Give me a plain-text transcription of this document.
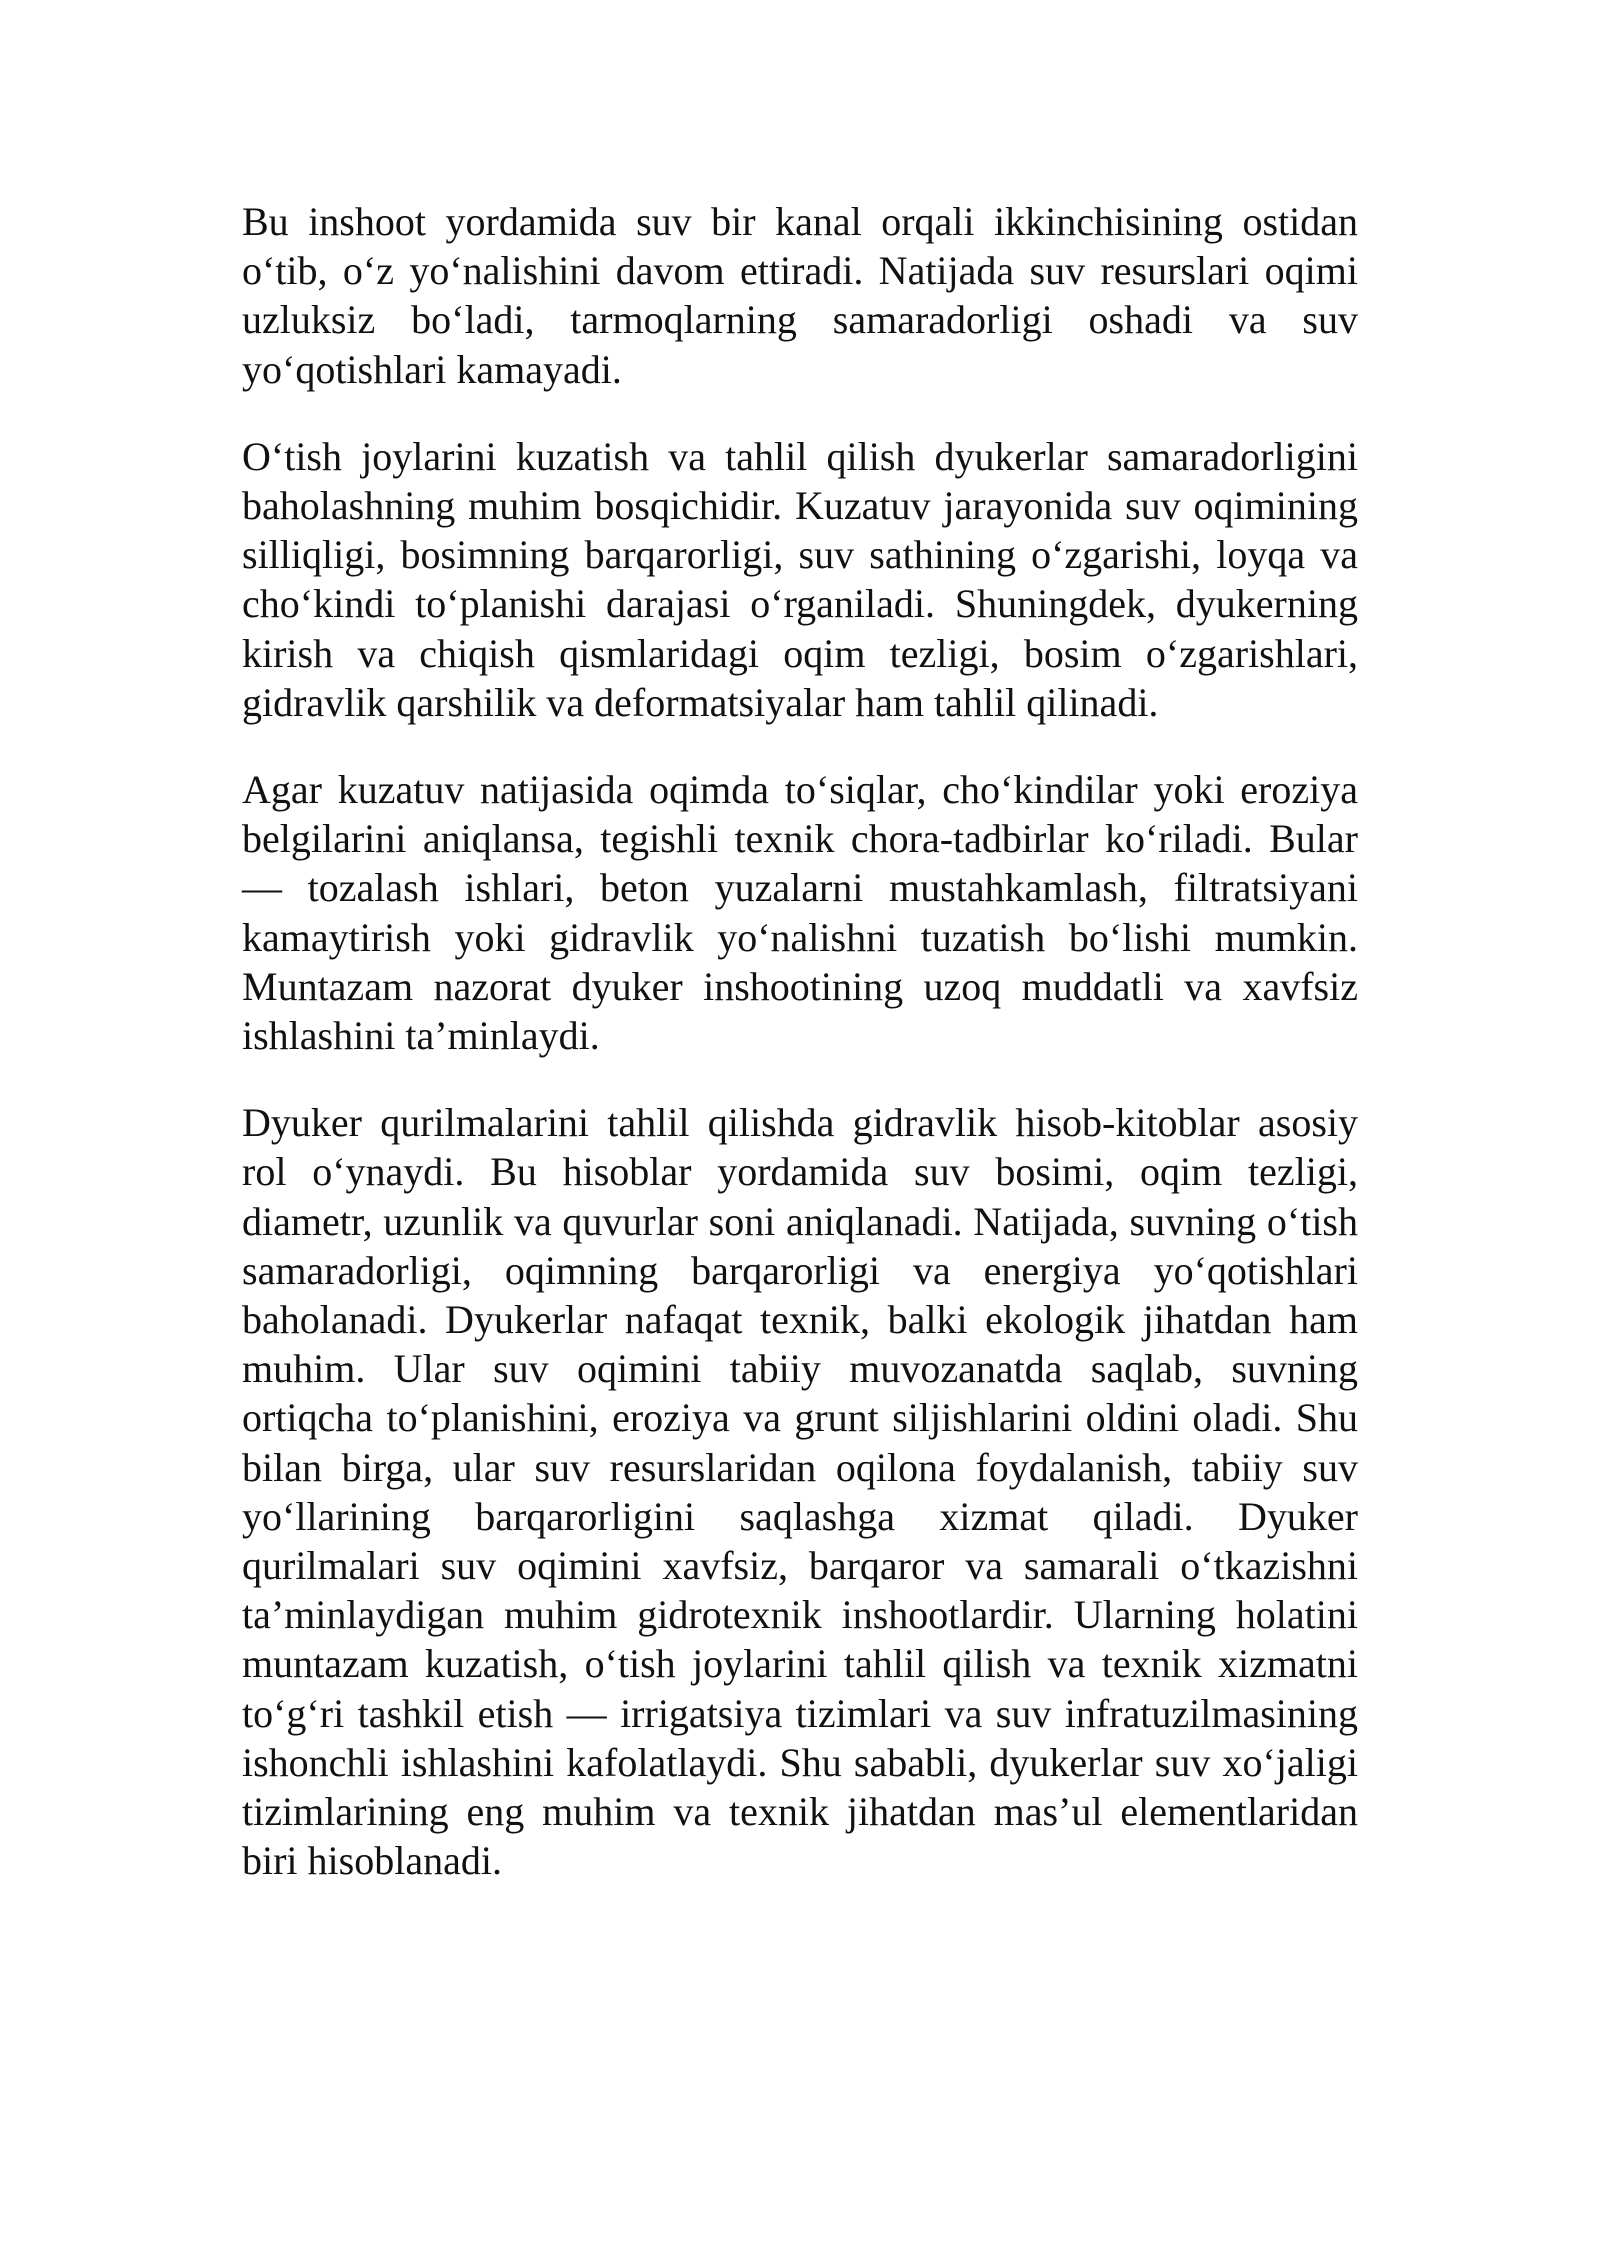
Bu inshoot yordamida suv bir kanal orqali ikkinchisining ostidan o‘tib, o‘z yo‘nalishini davom ettiradi. Natijada suv resurslari oqimi uzluksiz bo‘ladi, tarmoqlarning samaradorligi oshadi va suv yo‘qotishlari kamayadi.

O‘tish joylarini kuzatish va tahlil qilish dyukerlar samaradorligini baholashning muhim bosqichidir. Kuzatuv jarayonida suv oqimining silliqligi, bosimning barqarorligi, suv sathining o‘zgarishi, loyqa va cho‘kindi to‘planishi darajasi o‘rganiladi. Shuningdek, dyukerning kirish va chiqish qismlaridagi oqim tezligi, bosim o‘zgarishlari, gidravlik qarshilik va deformatsiyalar ham tahlil qilinadi.

Agar kuzatuv natijasida oqimda to‘siqlar, cho‘kindilar yoki eroziya belgilarini aniqlansa, tegishli texnik chora-tadbirlar ko‘riladi. Bular — tozalash ishlari, beton yuzalarni mustahkamlash, filtratsiyani kamaytirish yoki gidravlik yo‘nalishni tuzatish bo‘lishi mumkin. Muntazam nazorat dyuker inshootining uzoq muddatli va xavfsiz ishlashini ta’minlaydi.

Dyuker qurilmalarini tahlil qilishda gidravlik hisob-kitoblar asosiy rol o‘ynaydi. Bu hisoblar yordamida suv bosimi, oqim tezligi, diametr, uzunlik va quvurlar soni aniqlanadi. Natijada, suvning o‘tish samaradorligi, oqimning barqarorligi va energiya yo‘qotishlari baholanadi. Dyukerlar nafaqat texnik, balki ekologik jihatdan ham muhim. Ular suv oqimini tabiiy muvozanatda saqlab, suvning ortiqcha to‘planishini, eroziya va grunt siljishlarini oldini oladi. Shu bilan birga, ular suv resurslaridan oqilona foydalanish, tabiiy suv yo‘llarining barqarorligini saqlashga xizmat qiladi. Dyuker qurilmalari suv oqimini xavfsiz, barqaror va samarali o‘tkazishni ta’minlaydigan muhim gidrotexnik inshootlardir. Ularning holatini muntazam kuzatish, o‘tish joylarini tahlil qilish va texnik xizmatni to‘g‘ri tashkil etish — irrigatsiya tizimlari va suv infratuzilmasining ishonchli ishlashini kafolatlaydi. Shu sababli, dyukerlar suv xo‘jaligi tizimlarining eng muhim va texnik jihatdan mas’ul elementlaridan biri hisoblanadi.
